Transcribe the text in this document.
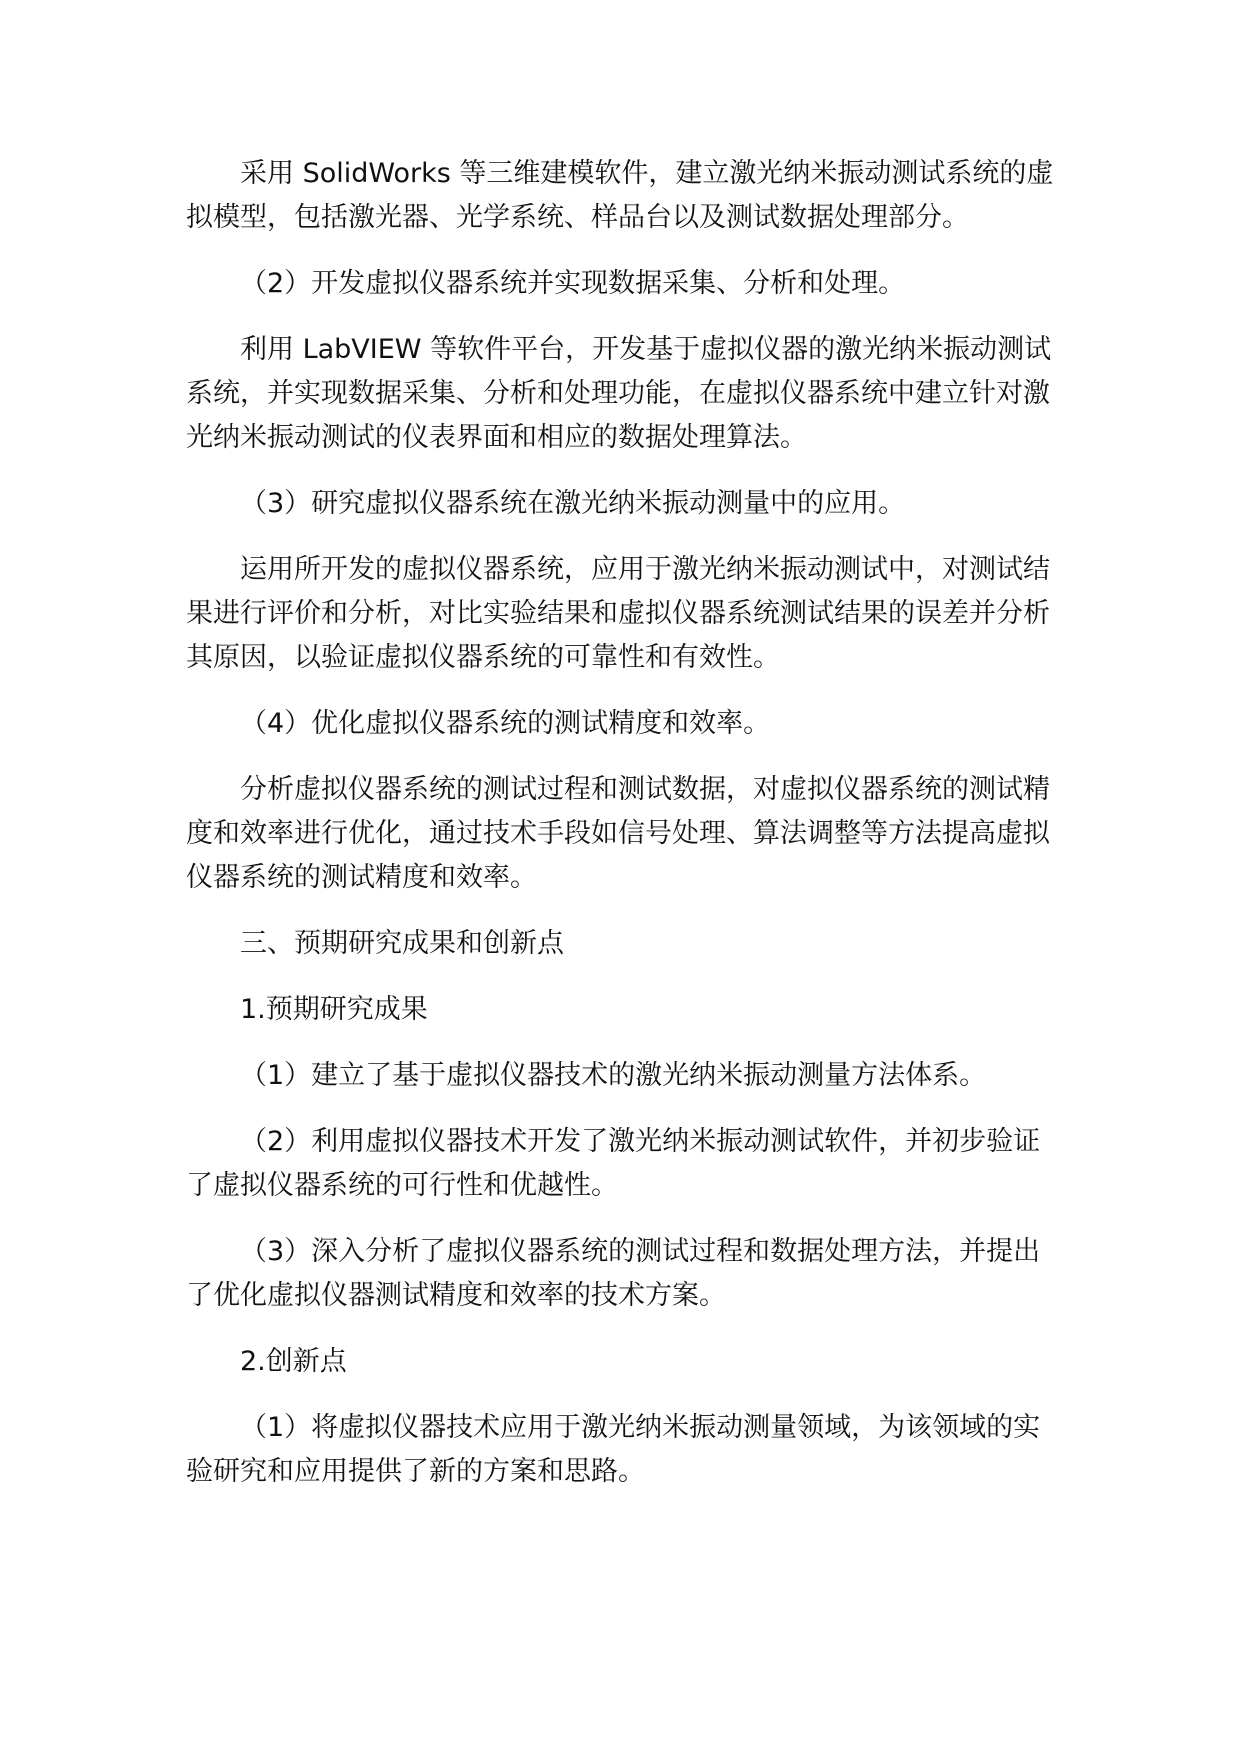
采用 SolidWorks 等三维建模软件，建立激光纳米振动测试系统的虚拟模型，包括激光器、光学系统、样品台以及测试数据处理部分。

（2）开发虚拟仪器系统并实现数据采集、分析和处理。

利用 LabVIEW 等软件平台，开发基于虚拟仪器的激光纳米振动测试系统，并实现数据采集、分析和处理功能，在虚拟仪器系统中建立针对激光纳米振动测试的仪表界面和相应的数据处理算法。

（3）研究虚拟仪器系统在激光纳米振动测量中的应用。

运用所开发的虚拟仪器系统，应用于激光纳米振动测试中，对测试结果进行评价和分析，对比实验结果和虚拟仪器系统测试结果的误差并分析其原因，以验证虚拟仪器系统的可靠性和有效性。

（4）优化虚拟仪器系统的测试精度和效率。

分析虚拟仪器系统的测试过程和测试数据，对虚拟仪器系统的测试精度和效率进行优化，通过技术手段如信号处理、算法调整等方法提高虚拟仪器系统的测试精度和效率。

三、预期研究成果和创新点

1.预期研究成果

（1）建立了基于虚拟仪器技术的激光纳米振动测量方法体系。

（2）利用虚拟仪器技术开发了激光纳米振动测试软件，并初步验证了虚拟仪器系统的可行性和优越性。

（3）深入分析了虚拟仪器系统的测试过程和数据处理方法，并提出了优化虚拟仪器测试精度和效率的技术方案。

2.创新点

（1）将虚拟仪器技术应用于激光纳米振动测量领域，为该领域的实验研究和应用提供了新的方案和思路。
